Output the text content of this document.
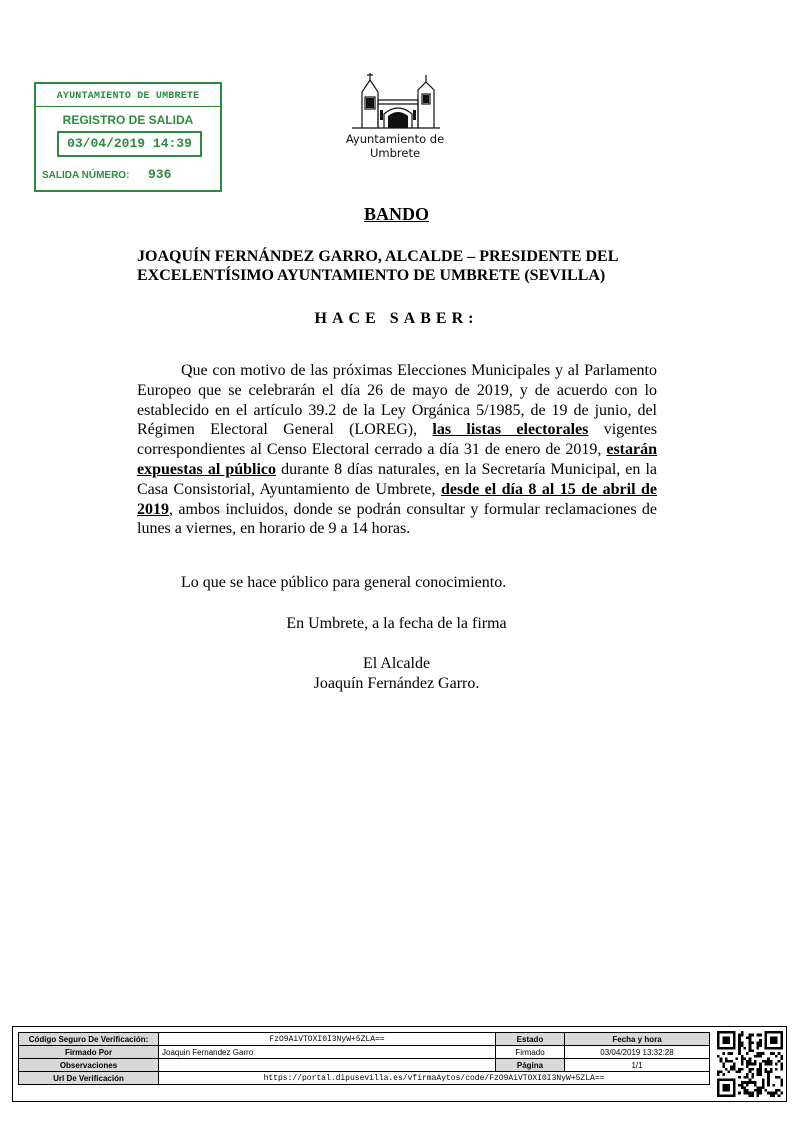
AYUNTAMIENTO DE UMBRETE
REGISTRO DE SALIDA
03/04/2019 14:39
SALIDA NÚMERO: 936
Ayuntamiento de Umbrete
BANDO
JOAQUÍN FERNÁNDEZ GARRO, ALCALDE – PRESIDENTE DEL EXCELENTÍSIMO AYUNTAMIENTO DE UMBRETE (SEVILLA)
HACE SABER:

Que con motivo de las próximas Elecciones Municipales y al Parlamento Europeo que se celebrarán el día 26 de mayo de 2019, y de acuerdo con lo establecido en el artículo 39.2 de la Ley Orgánica 5/1985, de 19 de junio, del Régimen Electoral General (LOREG), las listas electorales vigentes correspondientes al Censo Electoral cerrado a día 31 de enero de 2019, estarán expuestas al público durante 8 días naturales, en la Secretaría Municipal, en la Casa Consistorial, Ayuntamiento de Umbrete, desde el día 8 al 15 de abril de 2019, ambos incluidos, donde se podrán consultar y formular reclamaciones de lunes a viernes, en horario de 9 a 14 horas.

Lo que se hace público para general conocimiento.
En Umbrete, a la fecha de la firma
El Alcalde
Joaquín Fernández Garro.
Código Seguro De Verificación:	FzO9AiVTOXI0I3NyW+5ZLA==	Estado	Fecha y hora
Firmado Por	Joaquin Fernandez Garro	Firmado	03/04/2019 13:32:28
Observaciones		Página	1/1
Url De Verificación	https://portal.dipusevilla.es/vfirmaAytos/code/FzO9AiVTOXI0I3NyW+5ZLA==		
